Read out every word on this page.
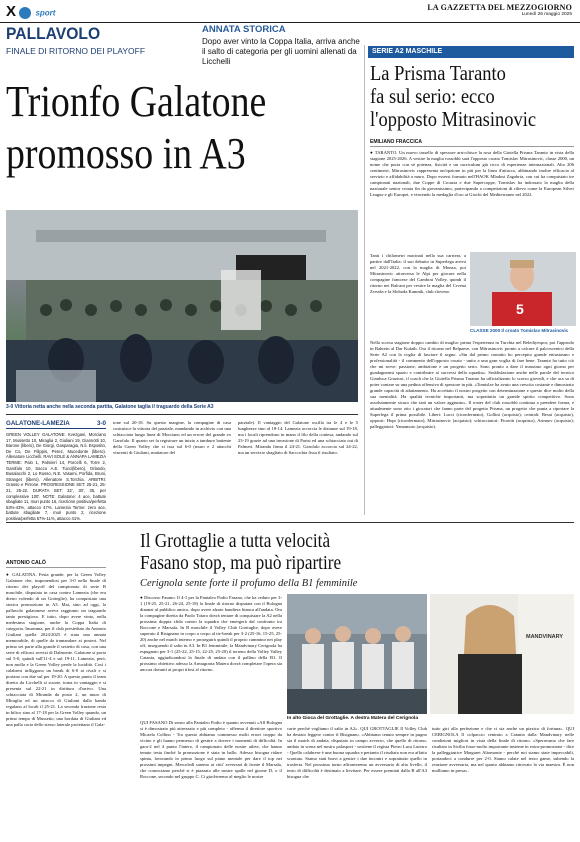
X	sport
LA GAZZETTA DEL MEZZOGIORNO
Lunedì 26 maggio 2025
PALLAVOLO
FINALE DI RITORNO DEI PLAYOFF
ANNATA STORICA
Dopo aver vinto la Coppa Italia, arriva anche il salto di categoria per gli uomini allenati da Licchelli
Trionfo Galatone
promosso in A3
3-0 Vittoria netta anche nella seconda partita, Galatone taglia il traguardo della Serie A3
GALATONE-LAMEZIA	3-0

GREEN VOLLEY GALATONE: Kvezgani, Morciano 17, Mussetto 10, Miraglia 2, Giuliani 19, Giannotti 10, Barone (libero), De Giorgi, Gasparagia, N.li. Esposito, De Co, De Filippis, Perez, Mucedonte (libero). Allenatore Licchelli. RAVI SOLE & ANNAPA LAMEZIA TERME: Palo 1, Palmieri 14, Porcelli 6, Torre 2, Garofalo 10, Sacco A.E. Tucci(libero), Orlando, Busalacchi 2, Lo Russo, N.E. Vasami, Porfida, Bruni, Stranget (libero). Allenatore S.Torchia. ARBITRI: Grasso e Pirrone. PROGRESSIONE SET: 25-21, 25-21, 25-22. DURATA SET: 32', 30', 35, per complessive 100'. NOTE: Galatone: 4 ace, battute sbagliate 11, muri punto 16, ricezione positiva/perfetta 53%-43%, attacco 47%. Lamezia Terme: zero ace, battute sbagliate 7, muri punto 2, ricezione positiva/perfetta 57%-11%, attacco 41%.

ANTONIO CALÒ

● GALATINA. Festa grande, per la Green Volley Galatone che, imponendosi per 3-0 nella finale di ritorno dei playoff del campionato di serie B maschile, disputata in casa contro Lamezia (che era dietro volendo di un Gotteglie), ha conquistato una storica promozione in A3. Mai, sino ad oggi, la pallavolo galatonese aveva raggiunto un traguardo tanto prestigioso. E tutto, dopo avere vinto, nella medesima stagione, anche la Coppa Italia di categoria. Insomma, per il club presieduto da Antonio Giuliani quella 2024/2025 è stata una annata memorabile, di quelle da tramandare ai posteri. Nel primo set parte alla grande il sestetto di casa, con una serie di efficaci servizi di Dalmonte. Galatone si porta sul 5-0, quindi sull'11-4 e sul 19-11. Lamezia, però, non molla e la Green Volley perde la lucidità. Così i calabresi infliggono un break di 6-0 ai rivali e si portano con due sul per 19-20. A questo punto il team diretto da Licchelli si scuote, torna in vantaggio e si presenta sul 22-21 in dirittura d'arrivo. Una schiacciata di Miranda da posto 2, un muro di Miraglia ed un attacco di Giuliani dalla banda regalano al locali il 25-21. La seconda frazione resta in bilico sino al 17-18 per la Green Volley quando, un primo tempo di Mussetto, una bordata di Giuliani ed una palla corta dello stesso laterale proiettano il Gala-

tone sul 20-18. Su questo margine, la compagine di casa costruisce la vittoria del parziale, mandando in archivio con una schiacciata lungo linea di Morciano ed un errore del grande ex Garofalo. Il quarto set fa registrare un inizio a tamburo battente della Green Volley che si issa sul 6-0 (muro e 2 attacchi vincenti di Giuliani, mattatore del

parziale). Il vantaggio del Galatone oscilla tra le 4 e le 5 lunghezze sino al 18-14. Lamezia accorcia le distanze sul 19-18, ma i locali riprendono in mano il filo della contesa, andando sul 23-19 grazie ad una invasione di Parisi ed una schiacciata out di Palmeri. Miranda firma il 24-21. Garofalo accorcia sul 24-22, ma un servizio sbagliato di Saccochia fissa il risultato.

SERIE A2 MASCHILE
La Prisma Taranto
fa sul serio: ecco
l'opposto Mitrasinovic
EMILIANO FRACCICA

● TARANTO. Un nuovo tassello di spessore arricchisce la rosa della Gioiella Prisma Taranto in vista della stagione 2025-2026. A vestire la maglia rossoblù sarà l'opposto croato Tomislav Mitrasinovic, classe 2000, un nome che porta con sé potenza, fisicità e un curriculum già ricco di esperienze internazionali. Alto 206 centimetri, Mitrasinovic rappresenta un'opzione in più per la linea d'attacco, abbinando inoltre efficacia al servizio e affidabilità a muro. Dopo essersi formato nell'HAOK Mladost Zagabria, con cui ha conquistato tre campionati nazionali, due Coppe di Croazia e due Supercoppe, Tomislav ha indossato la maglia della nazionale senior croata fin da giovanissimo, partecipando a competizioni di rilievo come la European Silver League e gli Europei, e vincendo la medaglia d'oro ai Giochi del Mediterraneo nel 2022.

5

Tanti i chilometri macinati nella sua carriera, a partire dall'Italia: il suo debutto in Superlega arriva nel 2021-2022, con la maglia di Monza, poi Mitrasinovic attraversa le Alpi per giocare nella compagine francese del Cambrai Volley, quindi il ritorno nei Balcani per vestire la maglia del Crvena Zvezda e la Sloboda Kamnik, club sloveno.

CLASSE 2000 Il croato Tomislav Mitrasinovic

Nella scorsa stagione doppio cambio di maglia: prima l'esperienza in Turchia nel Belediyespor, poi l'approdo in Bahrein al Dar Kulaib. Ora il ritorno nel Belpaese, con Mitrasinovic pronto a calcare il palcoscenico della Serie A2 con la voglia di lasciare il segno. «Sin dal primo contatto ho percepito grande entusiasmo e professionalità - il commento dell'opposto croato - unito a una gran voglia di fare bene. Taranto ha tutto ciò che mi serve: passione, ambizione e un progetto serio. Sono pronto a dare il massimo ogni giorno per guadagnarmi spazio e contribuire ai successi della squadra». Soddisfazione anche nelle parole del tecnico Gianluca Graziosi, il coach che la Gioiella Prisma Taranto ha ufficializzato lo scorso giovedì, e che ora sa di poter contare su una pedina offensiva di spessore in più. «Tomislav ha avuto una crescita costante e dimostrato grande capacità di adattamento. Ha accettato il nostro progetto con determinazione e questo dice molto della sua mentalità. Ha qualità tecniche importanti, ma soprattutto un grande spirito competitivo. Sono assolutamente sicuro che sarà un valore aggiunto». Il roster del club rossoblù continua a prendere forma, e attualmente sono otto i giocatori che fanno parte del progetto Prisma, un progetto che punta a riportare la Superlega il prima possibile. Liberi: Lucci (riconfermato), Gollini (acquisto); centrali: Besai (acquisto), opposti: Hopt (riconfermato), Mitrasinovic (acquisto); schiacciatori: Fiorotti (acquisto), Arinnov (acquisto); palleggiatori: Yamamoto (acquisto).

Il Grottaglie a tutta velocità
Fasano stop, ma può ripartire
Cerignola sente forte il profumo della B1 femminile

● Discorso Fasano. Il 4-1 per la Pantaleo Podio Fasano, che ha ceduto per 3-1 (19-25, 25-21, 26-24, 25-18) la finale di ritorno disputata con il Bologna dinanzi al pubblico amico, dopo avere alzato bandiera bianca all'andata. Ora la compagine diretta da Paolo Totaro dovrà tentare di conquistare la A2 nella prossima doppia sfida contro la squadra che emergerà dal confronto tra Roccone e Marsala. In B maschile il Volley Club Grottaglie, dopo avere superato il Bisignano in corpo a corpo al tie-break per 3-2 (25-16, 15-25, 25-20) anche nel match interno e proseguirà quindi il proprio cammino nei play off, inseguendo il salto in A3. In B1 femminile, la Mandvinary Cerignola ha espugnato per 3-1 (25-22, 25-15, 22-25, 25-20) il terreno della Volley Valley Catania, aggiudicandosi la finale di andata con il pallino della B1. Il prossimo obiettivo adesso la Armagraria Matera dovrà completare l'opera sia ancora davanti ai propri tifosi al ritorno.

QUI FASANO Di senso alla Pantaleo Podio è quanto avvenuti «All Bologna si è dimostrato più attrezzato e più completo - afferma il direttore sportivo Micaela Collino - Tra questo abbiamo commesso molti errori troppo da vicino e gli hanno permesso di gestire a dovere i momenti di difficoltà. In gara-2 nel 4 punto l'intero, il campionato delle nostre atlete, che hanno tenuto testa finché la promozione è stata in ballo. Adesso bisogna ridare spinta, lavorando in primo luogo sul piano mentale per dare il top nei prossimi impegni. Mercoledì saremo ai citti' avversari di fronte il Marsala, che conosciamo perché si è piazzato alle nostre spalle nel girone D, o il Roccone, secondo nel gruppo C. Ci giocheremo al meglio le nostre

MANDVINARY
In alto Gioca del Grottaglie. A destra Matera del Cerignola

carte perché vogliamo il salto in A2». QUI GROTTAGLIE Il Volley Club ha destato leggere contro il Bisignano. «Abbiamo tenuto sempre in pugno sia il match di andata, disputato in campo avverso, che quello di ritorno, andato in scena nel nostro palasport - sostiene il regista Pietro Luca Luterro - Quello calabrese è una buona squadra e pertanto il risultato non era affatto scontato. Siamo stati bravi a gestire i due incontri e soprattutto quello in trasferta. Nel prossimo turno affronteremo un avversario di alto livello, il testo di difficoltà è destinato a lievitare. Per essere premiati dalla B all'A3 bisogna che

tutto giri alla perfezione e che ci sia anche un pizzico di fortuna». QUI CERIGNOLA Il colpaccio centrato a Catania dalla Mandvinary nelle condizioni migliori in vista della finale di ritorno. «Speravamo che fare risultato in Sicilia fosse molto importante insieme in extra-promozione - dice la palleggiatrice Margaret Altomonte - perché noi siamo state impeccabili, portandoci a condurre per 2-0. Siamo calate nel terzo game, subendo la reazione avversaria, ma nel quarto abbiamo ritrovato la via maestra. È non molliamo in presa».
